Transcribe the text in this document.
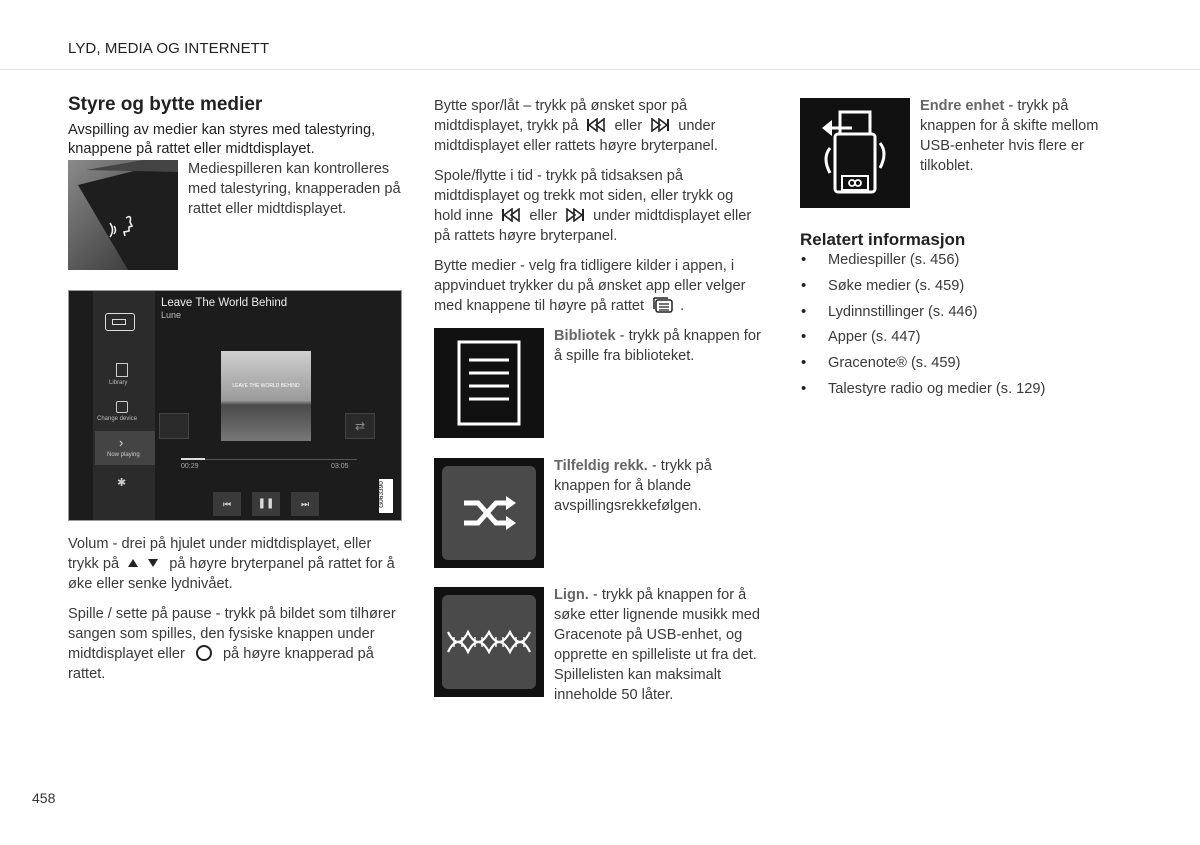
LYD, MEDIA OG INTERNETT
Styre og bytte medier
Avspilling av medier kan styres med talestyring, knappene på rattet eller midtdisplayet.
Mediespilleren kan kontrolleres med talestyring, knapperaden på rattet eller midtdisplayet.
Library
Change device
›
Now playing
✱
Leave The World Behind
Lune
LEAVE THE WORLD BEHIND
⇄
00:29	03:05
⏮	❚❚	⏭	G063390
Volum - drei på hjulet under midtdisplayet, eller trykk på	på høyre bryterpanel på rattet for å øke eller senke lydnivået.
Spille / sette på pause - trykk på bildet som tilhører sangen som spilles, den fysiske knappen under midtdisplayet eller	på høyre knapperad på rattet.
Bytte spor/låt – trykk på ønsket spor på midtdisplayet, trykk på eller under midtdisplayet eller rattets høyre bryterpanel.
Spole/flytte i tid - trykk på tidsaksen på midtdisplayet og trekk mot siden, eller trykk og hold inne eller under midtdisplayet eller på rattets høyre bryterpanel.
Bytte medier - velg fra tidligere kilder i appen, i appvinduet trykker du på ønsket app eller velger med knappene til høyre på rattet .
Bibliotek - trykk på knappen for å spille fra biblioteket.
Tilfeldig rekk. - trykk på knappen for å blande avspillingsrekkefølgen.
Lign. - trykk på knappen for å søke etter lignende musikk med Gracenote på USB-enhet, og opprette en spilleliste ut fra det. Spillelisten kan maksimalt inneholde 50 låter.
Endre enhet - trykk på knappen for å skifte mellom USB-enheter hvis flere er tilkoblet.
Relatert informasjon
• Mediespiller (s. 456)
• Søke medier (s. 459)
• Lydinnstillinger (s. 446)
• Apper (s. 447)
• Gracenote® (s. 459)
• Talestyre radio og medier (s. 129)
458
